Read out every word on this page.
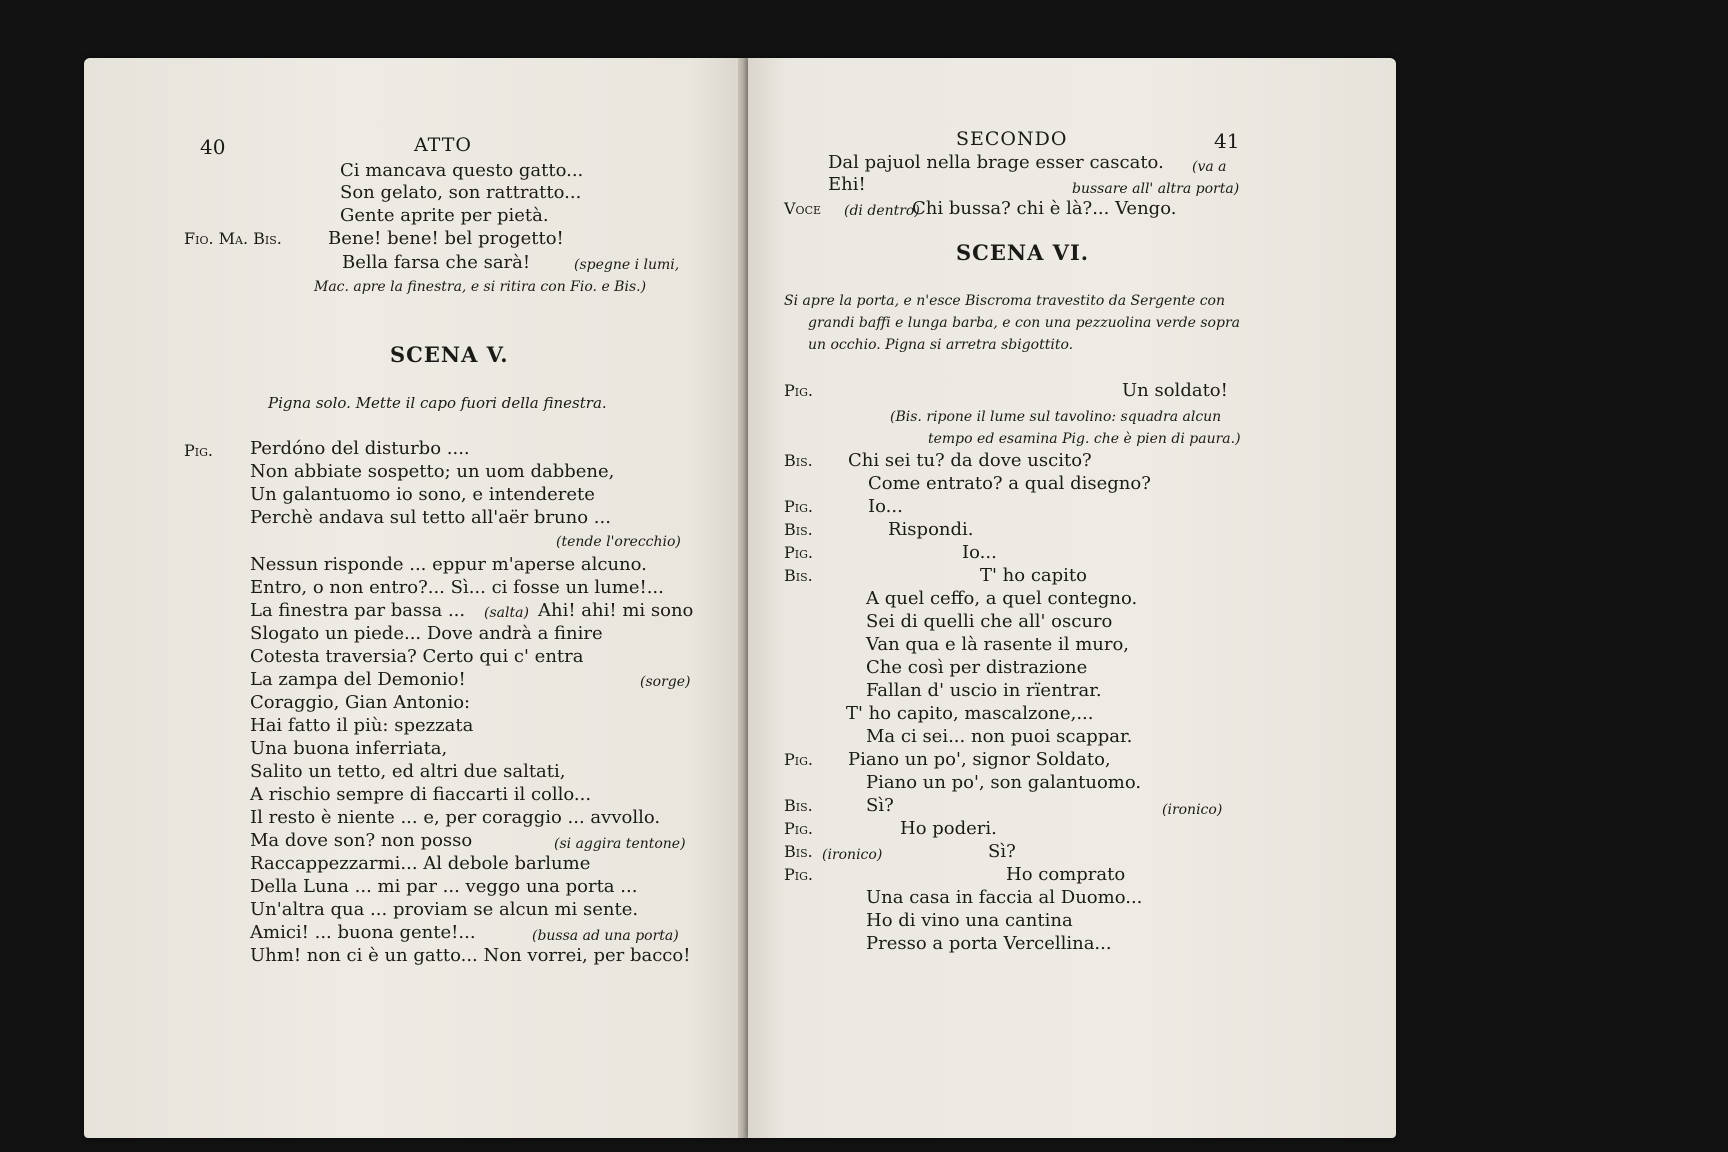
40	ATTO
Ci mancava questo gatto...
Son gelato, son rattratto...
Gente aprite per pietà.
Fio. Ma. Bis.	Bene! bene! bel progetto!
Bella farsa che sarà!	(spegne i lumi,
Mac. apre la finestra, e si ritira con Fio. e Bis.)
SCENA V.
Pigna solo. Mette il capo fuori della finestra.
Pig. Perdóno del disturbo ....
Non abbiate sospetto; un uom dabbene,
Un galantuomo io sono, e intenderete
Perchè andava sul tetto all'aër bruno ...
(tende l'orecchio)
Nessun risponde ... eppur m'aperse alcuno.
Entro, o non entro?... Sì... ci fosse un lume!...
La finestra par bassa ... (salta) Ahi! ahi! mi sono
Slogato un piede... Dove andrà a finire
Cotesta traversia? Certo qui c' entra
La zampa del Demonio!	(sorge)
Coraggio, Gian Antonio:
Hai fatto il più: spezzata
Una buona inferriata,
Salito un tetto, ed altri due saltati,
A rischio sempre di fiaccarti il collo...
Il resto è niente ... e, per coraggio ... avvollo.
Ma dove son? non posso	(si aggira tentone)
Raccappezzarmi... Al debole barlume
Della Luna ... mi par ... veggo una porta ...
Un'altra qua ... proviam se alcun mi sente.
Amici! ... buona gente!...	(bussa ad una porta)
Uhm! non ci è un gatto... Non vorrei, per bacco!
SECONDO	41
Dal pajuol nella brage esser cascato. (va a
Ehi!	bussare all' altra porta)
Voce (di dentro)
Chi bussa? chi è là?... Vengo.
SCENA VI.
Si apre la porta, e n'esce Biscroma travestito da Sergente con
grandi baffi e lunga barba, e con una pezzuolina verde sopra
un occhio. Pigna si arretra sbigottito.
Pig.	Un soldato!
(Bis. ripone il lume sul tavolino: squadra alcun
tempo ed esamina Pig. che è pien di paura.)
Bis. Chi sei tu? da dove uscito?
Come entrato? a qual disegno?
Pig.	Io...
Bis.	Rispondi.
Pig.	Io...
Bis.	T' ho capito
A quel ceffo, a quel contegno.
Sei di quelli che all' oscuro
Van qua e là rasente il muro,
Che così per distrazione
Fallan d' uscio in rïentrar.
T' ho capito, mascalzone,...
Ma ci sei... non puoi scappar.
Pig. Piano un po', signor Soldato,
Piano un po', son galantuomo.
Bis.	Sì?	(ironico)
Pig.	Ho poderi.
Bis. (ironico)	Sì?
Pig.	Ho comprato
Una casa in faccia al Duomo...
Ho di vino una cantina
Presso a porta Vercellina...
